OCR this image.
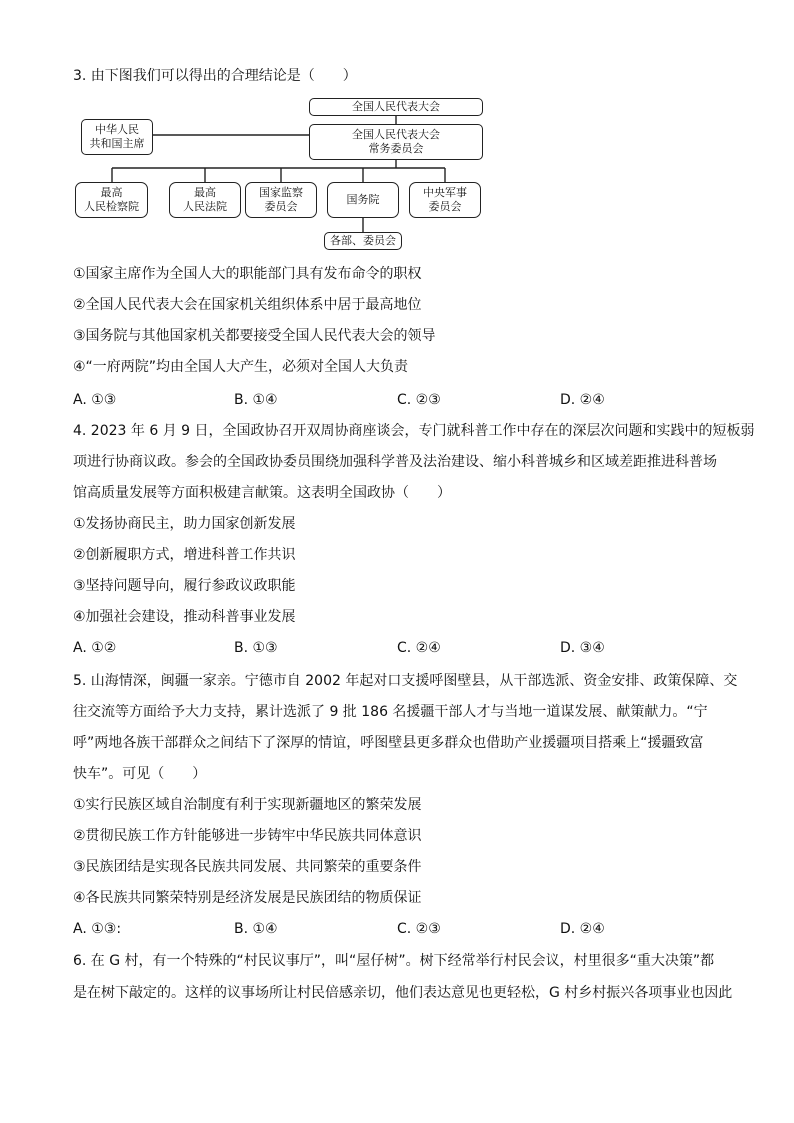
3. 由下图我们可以得出的合理结论是（　　）
全国人民代表大会
全国人民代表大会
常务委员会
中华人民
共和国主席
最高
人民检察院
最高
人民法院
国家监察
委员会
国务院
中央军事
委员会
各部、委员会
①国家主席作为全国人大的职能部门具有发布命令的职权
②全国人民代表大会在国家机关组织体系中居于最高地位
③国务院与其他国家机关都要接受全国人民代表大会的领导
④“一府两院”均由全国人大产生，必须对全国人大负责
A. ①③	B. ①④	C. ②③	D. ②④
4. 2023 年 6 月 9 日，全国政协召开双周协商座谈会，专门就科普工作中存在的深层次问题和实践中的短板弱
项进行协商议政。参会的全国政协委员围绕加强科学普及法治建设、缩小科普城乡和区域差距推进科普场
馆高质量发展等方面积极建言献策。这表明全国政协（　　）
①发扬协商民主，助力国家创新发展
②创新履职方式，增进科普工作共识
③坚持问题导向，履行参政议政职能
④加强社会建设，推动科普事业发展
A. ①②	B. ①③	C. ②④	D. ③④
5. 山海情深，闽疆一家亲。宁德市自 2002 年起对口支援呼图壁县，从干部选派、资金安排、政策保障、交
往交流等方面给予大力支持，累计选派了 9 批 186 名援疆干部人才与当地一道谋发展、献策献力。“宁
呼”两地各族干部群众之间结下了深厚的情谊，呼图壁县更多群众也借助产业援疆项目搭乘上“援疆致富
快车”。可见（　　）
①实行民族区域自治制度有利于实现新疆地区的繁荣发展
②贯彻民族工作方针能够进一步铸牢中华民族共同体意识
③民族团结是实现各民族共同发展、共同繁荣的重要条件
④各民族共同繁荣特别是经济发展是民族团结的物质保证
A. ①③:	B. ①④	C. ②③	D. ②④
6. 在 G 村，有一个特殊的“村民议事厅”，叫“屋仔树”。树下经常举行村民会议，村里很多“重大决策”都
是在树下敲定的。这样的议事场所让村民倍感亲切，他们表达意见也更轻松，G 村乡村振兴各项事业也因此
